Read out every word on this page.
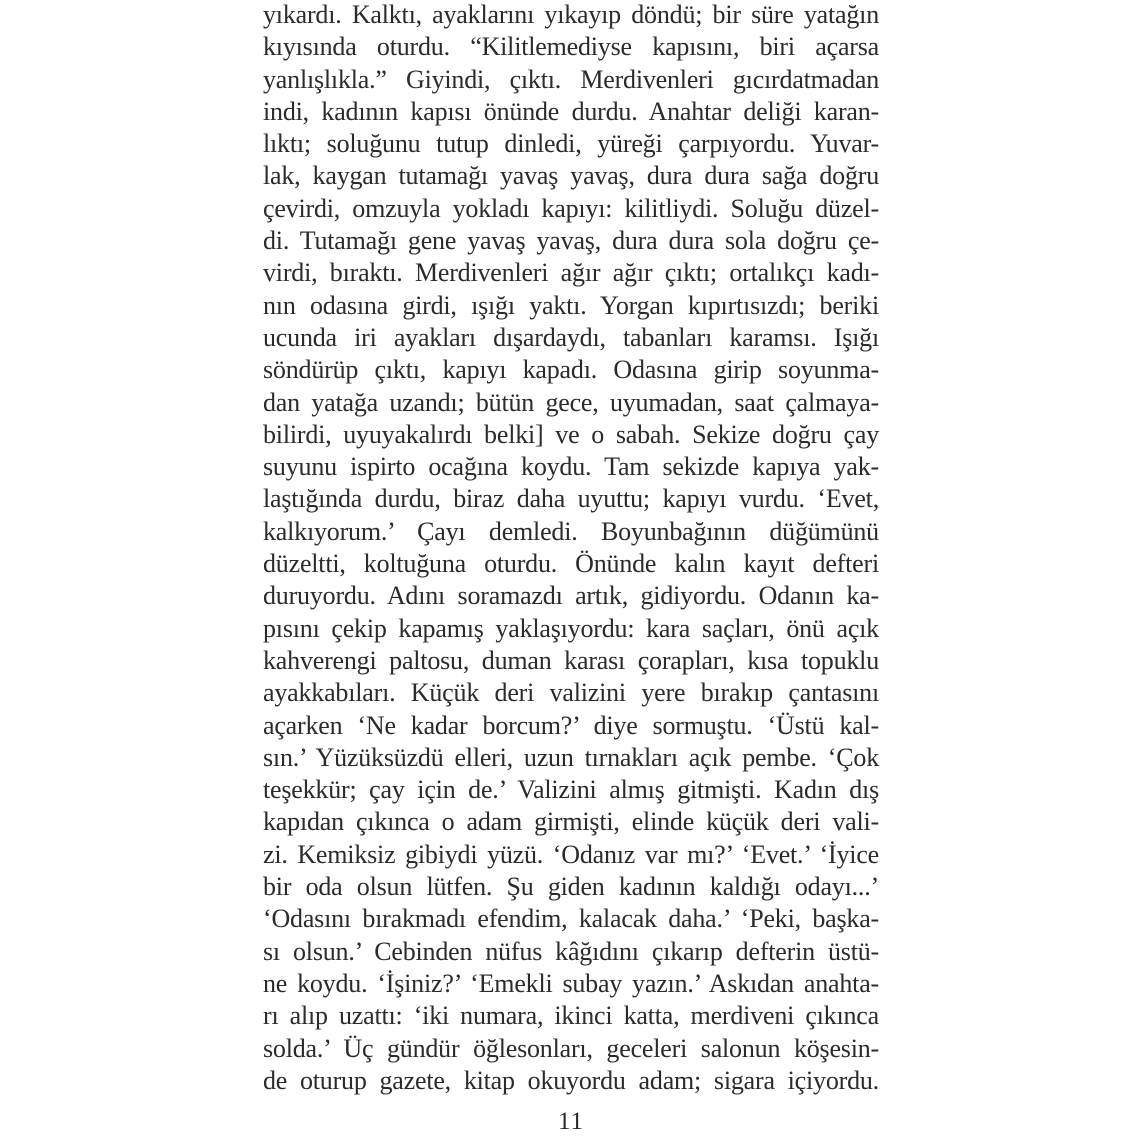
yıkardı. Kalktı, ayaklarını yıkayıp döndü; bir süre yatağın
kıyısında oturdu. “Kilitlemediyse kapısını, biri açarsa
yanlışlıkla.” Giyindi, çıktı. Merdivenleri gıcırdatmadan
indi, kadının kapısı önünde durdu. Anahtar deliği karan-
lıktı; soluğunu tutup dinledi, yüreği çarpıyordu. Yuvar-
lak, kaygan tutamağı yavaş yavaş, dura dura sağa doğru
çevirdi, omzuyla yokladı kapıyı: kilitliydi. Soluğu düzel-
di. Tutamağı gene yavaş yavaş, dura dura sola doğru çe-
virdi, bıraktı. Merdivenleri ağır ağır çıktı; ortalıkçı kadı-
nın odasına girdi, ışığı yaktı. Yorgan kıpırtısızdı; beriki
ucunda iri ayakları dışardaydı, tabanları karamsı. Işığı
söndürüp çıktı, kapıyı kapadı. Odasına girip soyunma-
dan yatağa uzandı; bütün gece, uyumadan, saat çalmaya-
bilirdi, uyuyakalırdı belki] ve o sabah. Sekize doğru çay
suyunu ispirto ocağına koydu. Tam sekizde kapıya yak-
laştığında durdu, biraz daha uyuttu; kapıyı vurdu. ‘Evet,
kalkıyorum.’ Çayı demledi. Boyunbağının düğümünü
düzeltti, koltuğuna oturdu. Önünde kalın kayıt defteri
duruyordu. Adını soramazdı artık, gidiyordu. Odanın ka-
pısını çekip kapamış yaklaşıyordu: kara saçları, önü açık
kahverengi paltosu, duman karası çorapları, kısa topuklu
ayakkabıları. Küçük deri valizini yere bırakıp çantasını
açarken ‘Ne kadar borcum?’ diye sormuştu. ‘Üstü kal-
sın.’ Yüzüksüzdü elleri, uzun tırnakları açık pembe. ‘Çok
teşekkür; çay için de.’ Valizini almış gitmişti. Kadın dış
kapıdan çıkınca o adam girmişti, elinde küçük deri vali-
zi. Kemiksiz gibiydi yüzü. ‘Odanız var mı?’ ‘Evet.’ ‘İyice
bir oda olsun lütfen. Şu giden kadının kaldığı odayı...’
‘Odasını bırakmadı efendim, kalacak daha.’ ‘Peki, başka-
sı olsun.’ Cebinden nüfus kâğıdını çıkarıp defterin üstü-
ne koydu. ‘İşiniz?’ ‘Emekli subay yazın.’ Askıdan anahta-
rı alıp uzattı: ‘iki numara, ikinci katta, merdiveni çıkınca
solda.’ Üç gündür öğlesonları, geceleri salonun köşesin-
de oturup gazete, kitap okuyordu adam; sigara içiyordu.
11
